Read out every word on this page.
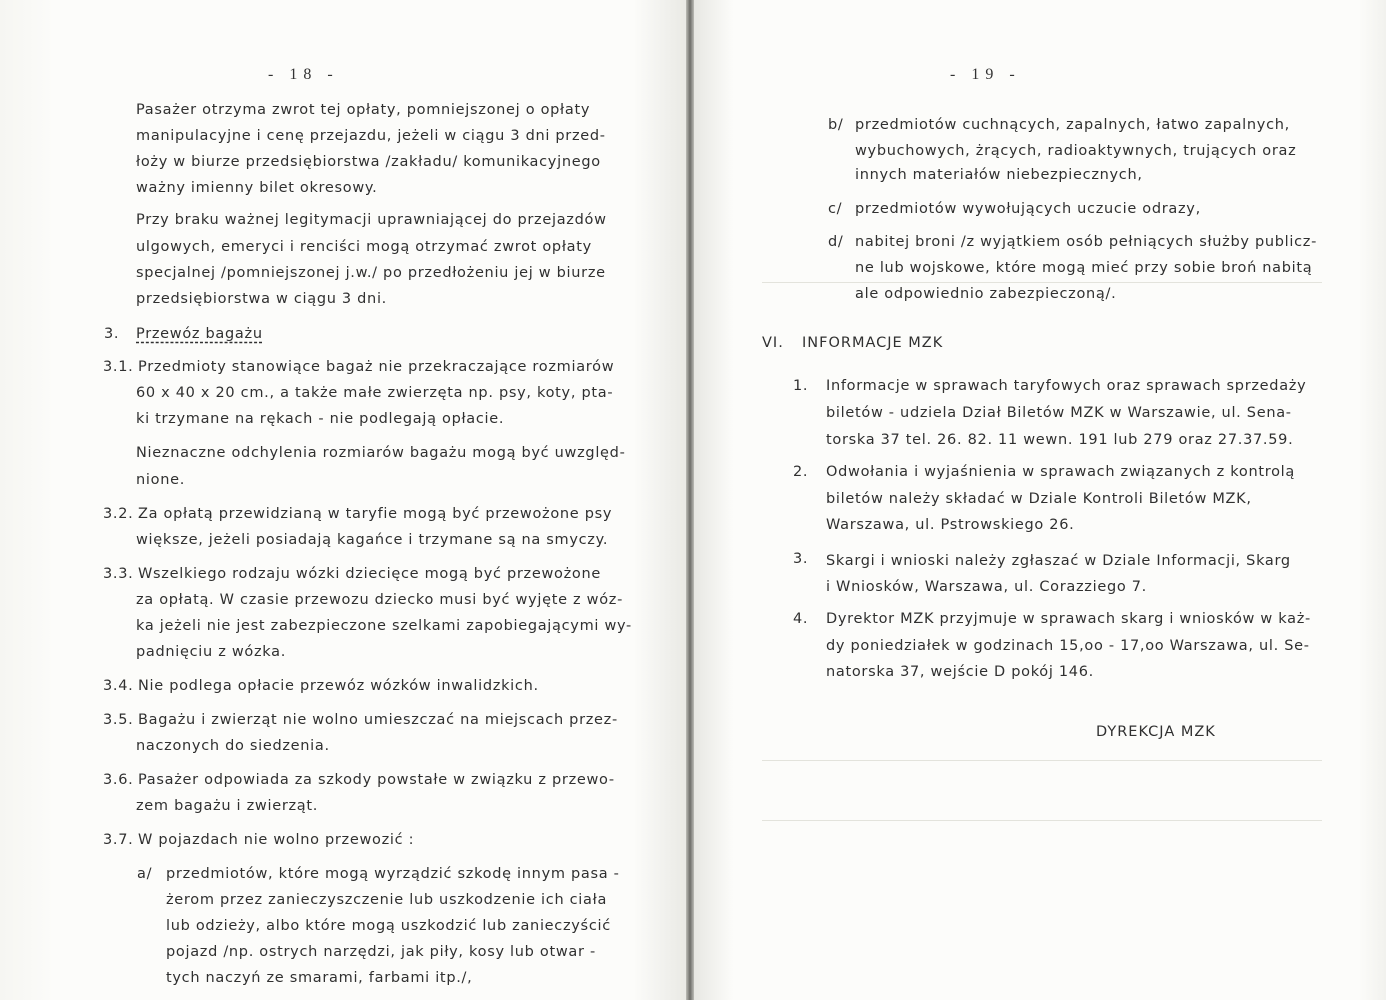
- 18 -
Pasażer otrzyma zwrot tej opłaty, pomniejszonej o opłaty
manipulacyjne i cenę przejazdu, jeżeli w ciągu 3 dni przed-
łoży w biurze przedsiębiorstwa /zakładu/ komunikacyjnego
ważny imienny bilet okresowy.
Przy braku ważnej legitymacji uprawniającej do przejazdów
ulgowych, emeryci i renciści mogą otrzymać zwrot opłaty
specjalnej /pomniejszonej j.w./ po przedłożeniu jej w biurze
przedsiębiorstwa w ciągu 3 dni.
3. Przewóz bagażu
3.1. Przedmioty stanowiące bagaż nie przekraczające rozmiarów
60 x 40 x 20 cm., a także małe zwierzęta np. psy, koty, pta-
ki trzymane na rękach - nie podlegają opłacie.
Nieznaczne odchylenia rozmiarów bagażu mogą być uwzględ-
nione.
3.2. Za opłatą przewidzianą w taryfie mogą być przewożone psy
większe, jeżeli posiadają kagańce i trzymane są na smyczy.
3.3. Wszelkiego rodzaju wózki dziecięce mogą być przewożone
za opłatą. W czasie przewozu dziecko musi być wyjęte z wóz-
ka jeżeli nie jest zabezpieczone szelkami zapobiegającymi wy-
padnięciu z wózka.
3.4. Nie podlega opłacie przewóz wózków inwalidzkich.
3.5. Bagażu i zwierząt nie wolno umieszczać na miejscach przez-
naczonych do siedzenia.
3.6. Pasażer odpowiada za szkody powstałe w związku z przewo-
zem bagażu i zwierząt.
3.7. W pojazdach nie wolno przewozić :
a/ przedmiotów, które mogą wyrządzić szkodę innym pasa -
żerom przez zanieczyszczenie lub uszkodzenie ich ciała
lub odzieży, albo które mogą uszkodzić lub zanieczyścić
pojazd /np. ostrych narzędzi, jak piły, kosy lub otwar -
tych naczyń ze smarami, farbami itp./,
- 19 -
b/ przedmiotów cuchnących, zapalnych, łatwo zapalnych,
wybuchowych, żrących, radioaktywnych, trujących oraz
innych materiałów niebezpiecznych,
c/ przedmiotów wywołujących uczucie odrazy,
d/ nabitej broni /z wyjątkiem osób pełniących służby publicz-
ne lub wojskowe, które mogą mieć przy sobie broń nabitą
ale odpowiednio zabezpieczoną/.
VI. INFORMACJE MZK
1. Informacje w sprawach taryfowych oraz sprawach sprzedaży
biletów - udziela Dział Biletów MZK w Warszawie, ul. Sena-
torska 37 tel. 26. 82. 11 wewn. 191 lub 279 oraz 27.37.59.
2. Odwołania i wyjaśnienia w sprawach związanych z kontrolą
biletów należy składać w Dziale Kontroli Biletów MZK,
Warszawa, ul. Pstrowskiego 26.
3. Skargi i wnioski należy zgłaszać w Dziale Informacji, Skarg
i Wniosków, Warszawa, ul. Corazziego 7.
4. Dyrektor MZK przyjmuje w sprawach skarg i wniosków w każ-
dy poniedziałek w godzinach 15,oo - 17,oo Warszawa, ul. Se-
natorska 37, wejście D pokój 146.
DYREKCJA MZK
